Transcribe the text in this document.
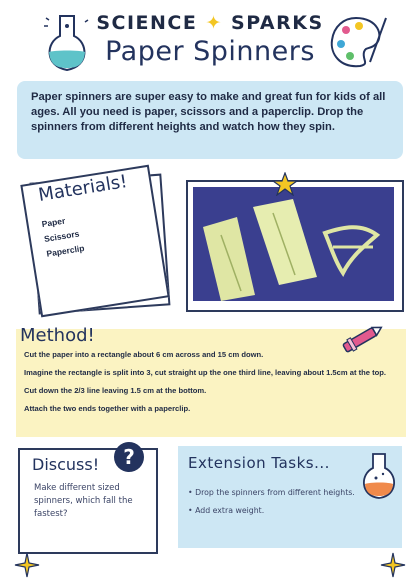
SCIENCE ✦ SPARKS
Paper Spinners

Paper spinners are super easy to make and great fun for kids of all ages. All you need is paper, scissors and a paperclip. Drop the spinners from different heights and watch how they spin.

Materials!
Paper
Scissors
Paperclip
Method!

Cut the paper into a rectangle about 6 cm across and 15 cm down.

Imagine the rectangle is split into 3, cut straight up the one third line, leaving about 1.5cm at the top.

Cut down the 2/3 line leaving 1.5 cm at the bottom.

Attach the two ends together with a paperclip.

?
Discuss!
Make different sized spinners, which fall the fastest?
Extension Tasks...
• Drop the spinners from different heights.
• Add extra weight.
